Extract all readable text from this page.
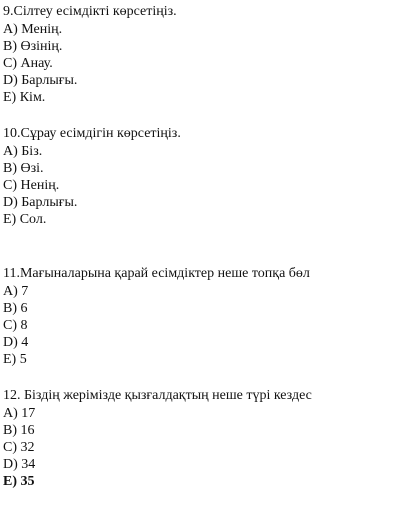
9.Сілтеу есімдікті көрсетіңіз.
A) Менің.
B) Өзінің.
C) Анау.
D) Барлығы.
E) Кім.
10.Сұрау есімдігін көрсетіңіз.
A) Біз.
B) Өзі.
C) Ненің.
D) Барлығы.
E) Сол.
11.Мағыналарына қарай есімдіктер неше топқа бөл
A) 7
B) 6
C) 8
D) 4
E) 5
12. Біздің жерімізде қызғалдақтың неше түрі кездес
A) 17
B) 16
C) 32
D) 34
E) 35
